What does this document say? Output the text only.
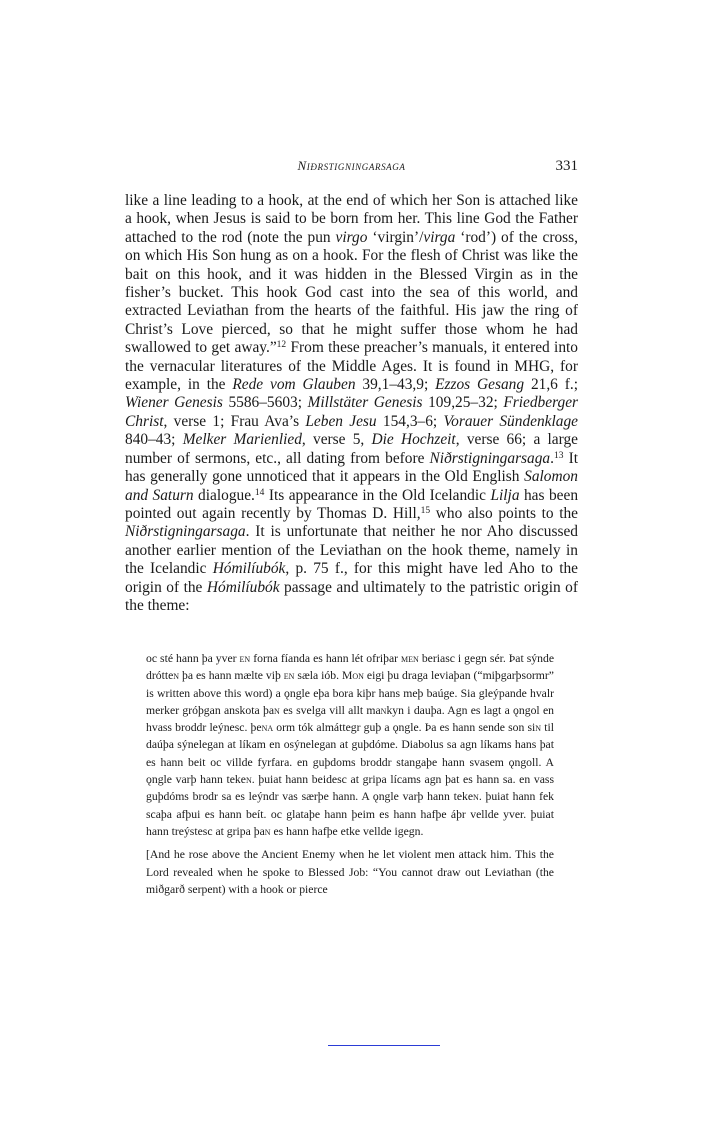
Niðrstigningarsaga	331

like a line leading to a hook, at the end of which her Son is attached like a hook, when Jesus is said to be born from her. This line God the Father attached to the rod (note the pun virgo ‘virgin’/virga ‘rod’) of the cross, on which His Son hung as on a hook. For the flesh of Christ was like the bait on this hook, and it was hidden in the Blessed Virgin as in the fisher’s bucket. This hook God cast into the sea of this world, and extracted Leviathan from the hearts of the faithful. His jaw the ring of Christ’s Love pierced, so that he might suffer those whom he had swallowed to get away.”$^{12}$ From these preacher’s manuals, it entered into the vernacular literatures of the Middle Ages. It is found in MHG, for example, in the Rede vom Glauben 39,1–43,9; Ezzos Gesang 21,6 f.; Wiener Genesis 5586–5603; Millstäter Genesis 109,25–32; Friedberger Christ, verse 1; Frau Ava’s Leben Jesu 154,3–6; Vorauer Sündenklage 840–43; Melker Marienlied, verse 5, Die Hochzeit, verse 66; a large number of sermons, etc., all dating from before Niðrstigningarsaga.$^{13}$ It has generally gone unnoticed that it appears in the Old English Salomon and Saturn dialogue.$^{14}$ Its appearance in the Old Icelandic Lilja has been pointed out again recently by Thomas D. Hill,$^{15}$ who also points to the Niðrstigningarsaga. It is unfortunate that neither he nor Aho discussed another earlier mention of the Leviathan on the hook theme, namely in the Icelandic Hómilíubók, p. 75 f., for this might have led Aho to the origin of the Hómilíubók passage and ultimately to the patristic origin of the theme:

oc sté hann þa yver en forna fíanda es hann lét ofriþar men beriasc i gegn sér. Þat sýnde drótten þa es hann mælte viþ en sæla iób. Mon eigi þu draga leviaþan (“miþgarþsormr” is written above this word) a ǫngle eþa bora kiþr hans meþ baúge. Sia gleýpande hvalr merker gróþgan anskota þan es svelga vill allt mankyn i dauþa. Agn es lagt a ǫngol en hvass broddr leýnesc. þena orm tók almáttegr guþ a ǫngle. Þa es hann sende son sin til daúþa sýnelegan at líkam en osýnelegan at guþdóme. Diabolus sa agn líkams hans þat es hann beit oc villde fyrfara. en guþdoms broddr stangaþe hann svasem ǫngoll. A ǫngle varþ hann teken. þuiat hann beidesc at gripa lícams agn þat es hann sa. en vass guþdóms brodr sa es leýndr vas særþe hann. A ǫngle varþ hann teken. þuiat hann fek scaþa afþui es hann beít. oc glataþe hann þeim es hann hafþe áþr vellde yver. þuiat hann treýstesc at gripa þan es hann hafþe etke vellde igegn.

[And he rose above the Ancient Enemy when he let violent men attack him. This the Lord revealed when he spoke to Blessed Job: “You cannot draw out Leviathan (the miðgarð serpent) with a hook or pierce
